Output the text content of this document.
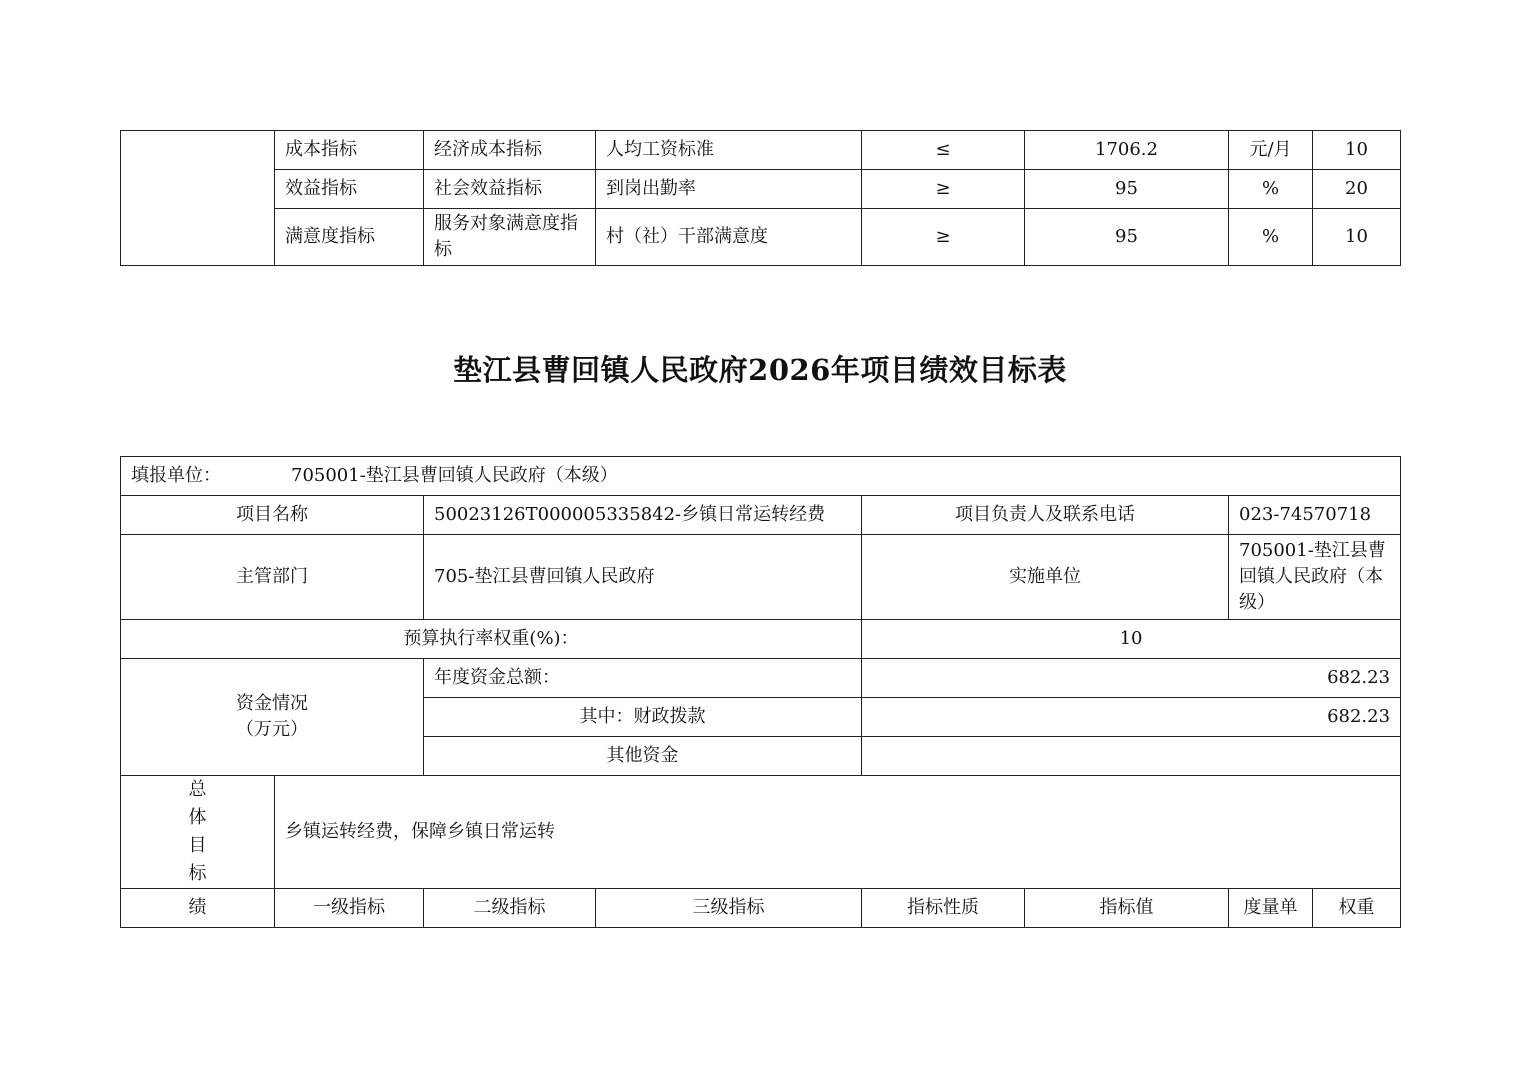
	成本指标	经济成本指标	人均工资标准	≤	1706.2	元/月	10
	效益指标	社会效益指标	到岗出勤率	≥	95	%	20
	满意度指标	服务对象满意度指标	村（社）干部满意度	≥	95	%	10
垫江县曹回镇人民政府2026年项目绩效目标表
填报单位： 705001-垫江县曹回镇人民政府（本级）							
项目名称		50023126T000005335842-乡镇日常运转经费		项目负责人及联系电话		023-74570718	
主管部门		705-垫江县曹回镇人民政府		实施单位		705001-垫江县曹回镇人民政府（本级）	
预算执行率权重(%)：				10			

资金情况
（万元）		年度资金总额：		682.23			
		其中：财政拨款		682.23			
		其他资金					

总
体
目
标	乡镇运转经费，保障乡镇日常运转						
绩	一级指标	二级指标	三级指标	指标性质	指标值	度量单	权重
